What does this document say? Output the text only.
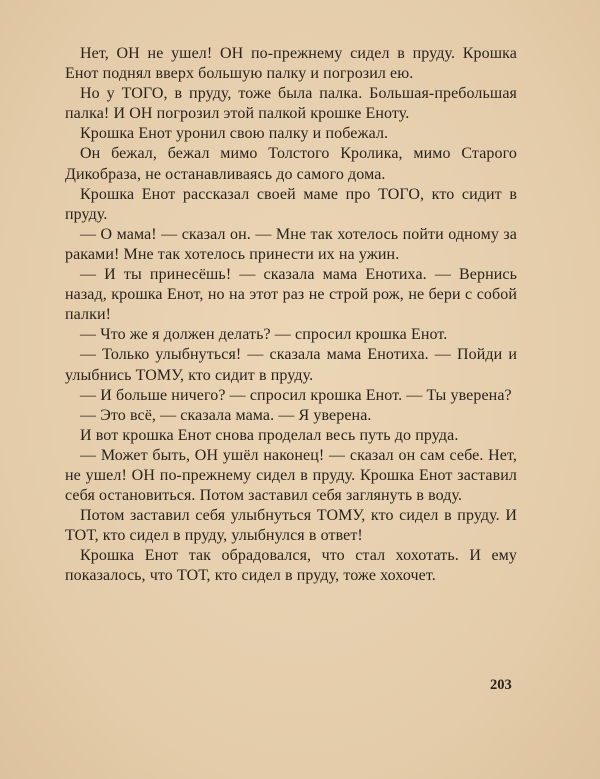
Нет, ОН не ушел! ОН по-прежнему сидел в пруду. Крошка Енот поднял вверх большую палку и погрозил ею.

Но у ТОГО, в пруду, тоже была палка. Большая-пребольшая палка! И ОН погрозил этой палкой крошке Еноту.

Крошка Енот уронил свою палку и побежал.

Он бежал, бежал мимо Толстого Кролика, мимо Старого Дикобраза, не останавливаясь до самого дома.

Крошка Енот рассказал своей маме про ТОГО, кто сидит в пруду.

— О мама! — сказал он. — Мне так хотелось пойти одному за раками! Мне так хотелось принести их на ужин.

— И ты принесёшь! — сказала мама Енотиха. — Вернись назад, крошка Енот, но на этот раз не строй рож, не бери с собой палки!

— Что же я должен делать? — спросил крошка Енот.

— Только улыбнуться! — сказала мама Енотиха. — Пойди и улыбнись ТОМУ, кто сидит в пруду.

— И больше ничего? — спросил крошка Енот. — Ты уверена?

— Это всё, — сказала мама. — Я уверена.

И вот крошка Енот снова проделал весь путь до пруда.

— Может быть, ОН ушёл наконец! — сказал он сам себе. Нет, не ушел! ОН по-прежнему сидел в пруду. Крошка Енот заставил себя остановиться. Потом заставил себя заглянуть в воду.

Потом заставил себя улыбнуться ТОМУ, кто сидел в пруду. И ТОТ, кто сидел в пруду, улыбнулся в ответ!

Крошка Енот так обрадовался, что стал хохотать. И ему показалось, что ТОТ, кто сидел в пруду, тоже хохочет.

203
